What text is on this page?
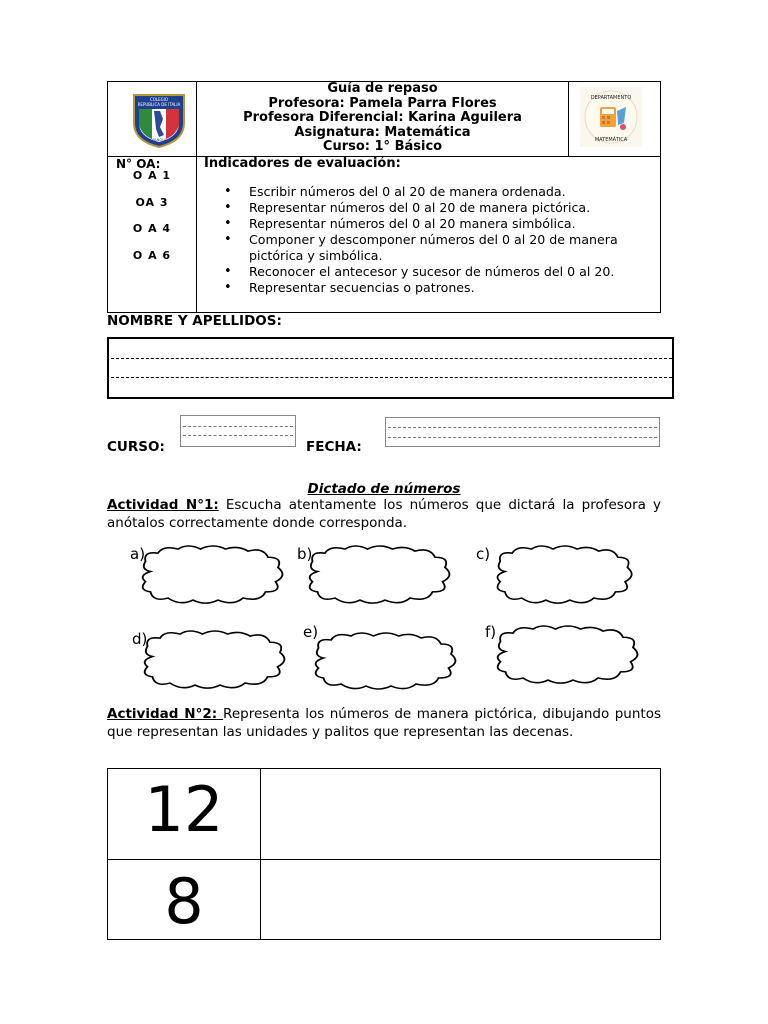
COLEGIO
REPUBLICA DE ITALIA
PANGUI
Guía de repaso
Profesora: Pamela Parra Flores
Profesora Diferencial: Karina Aguilera
Asignatura: Matemática
Curso: 1° Básico
DEPARTAMENTO
MATEMÁTICA
N° OA:
O A 1
OA 3
O A 4
O A 6
Indicadores de evaluación:
• Escribir números del 0 al 20 de manera ordenada.
• Representar números del 0 al 20 de manera pictórica.
• Representar números del 0 al 20 manera simbólica.
• Componer y descomponer números del 0 al 20 de manera pictórica y simbólica.
• Reconocer el antecesor y sucesor de números del 0 al 20.
• Representar secuencias o patrones.
NOMBRE Y APELLIDOS:
CURSO:	FECHA:
Dictado de números
Actividad N°1: Escucha atentamente los números que dictará la profesora y anótalos correctamente donde corresponda.
a)	b)	c)
d)	e)	f)
Actividad N°2: Representa los números de manera pictórica, dibujando puntos que representan las unidades y palitos que representan las decenas.
12
8
